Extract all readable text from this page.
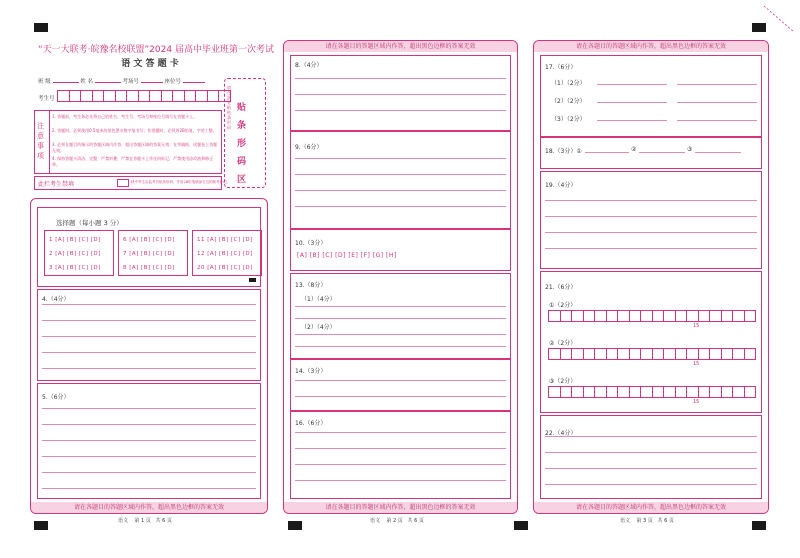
“天一大联考·皖豫名校联盟”2024 届高中毕业班第一次考试
语 文 答 题 卡
班 级	姓 名	考场号	座位号
考生号
请在此处粘贴条形码
贴 条 形 码 区
注意事项
1. 答题前，考生务必先将自己的姓名、考生号、考场号和座位号填写在答题卡上。
2. 答题时，必须使用0.5毫米的黑色墨水签字笔书写；作图题时，必须用2B铅笔，字迹工整。
3. 必须在题目所指示的答题区域内作答，超出答题区域的答案无效；在草稿纸、试题卷上答题无效。
4. 保持答题卡清洁、完整，严禁折叠，严禁在答题卡上作任何标记，严禁使用涂改液和修正带。
此栏考生禁填	缺考考生由监考员贴条形码，并用2B铅笔填涂右边的缺考标记。
选择题（每小题 3 分）
1 [A] [B] [C] [D]
2 [A] [B] [C] [D]
3 [A] [B] [C] [D]
6 [A] [B] [C] [D]
7 [A] [B] [C] [D]
8 [A] [B] [C] [D]
11 [A] [B] [C] [D]
12 [A] [B] [C] [D]
20 [A] [B] [C] [D]
4.（4分）
5.（6分）
请在各题目的答题区域内作答，超出黑色边框的答案无效
请在各题目的答题区域内作答，超出黑色边框的答案无效
8.（4分）
9.（6分）
10.（3分）
[A] [B] [C] [D] [E] [F] [G] [H]
13.（8分）
（1）（4分）
（2）（4分）
14.（3分）
16.（6分）
请在各题目的答题区域内作答，超出黑色边框的答案无效
请在各题目的答题区域内作答，超出黑色边框的答案无效
17.（6分）
（1）（2分）
（2）（2分）
（3）（2分）
18.（3分）①	②	③
19.（4分）
21.（6分）
①（2分）
15
②（2分）
15
③（2分）
15
22.（4分）
请在各题目的答题区域内作答，超出黑色边框的答案无效
语文    第 1 页   共 6 页	语文    第 2 页   共 6 页	语文    第 3 页   共 6 页
